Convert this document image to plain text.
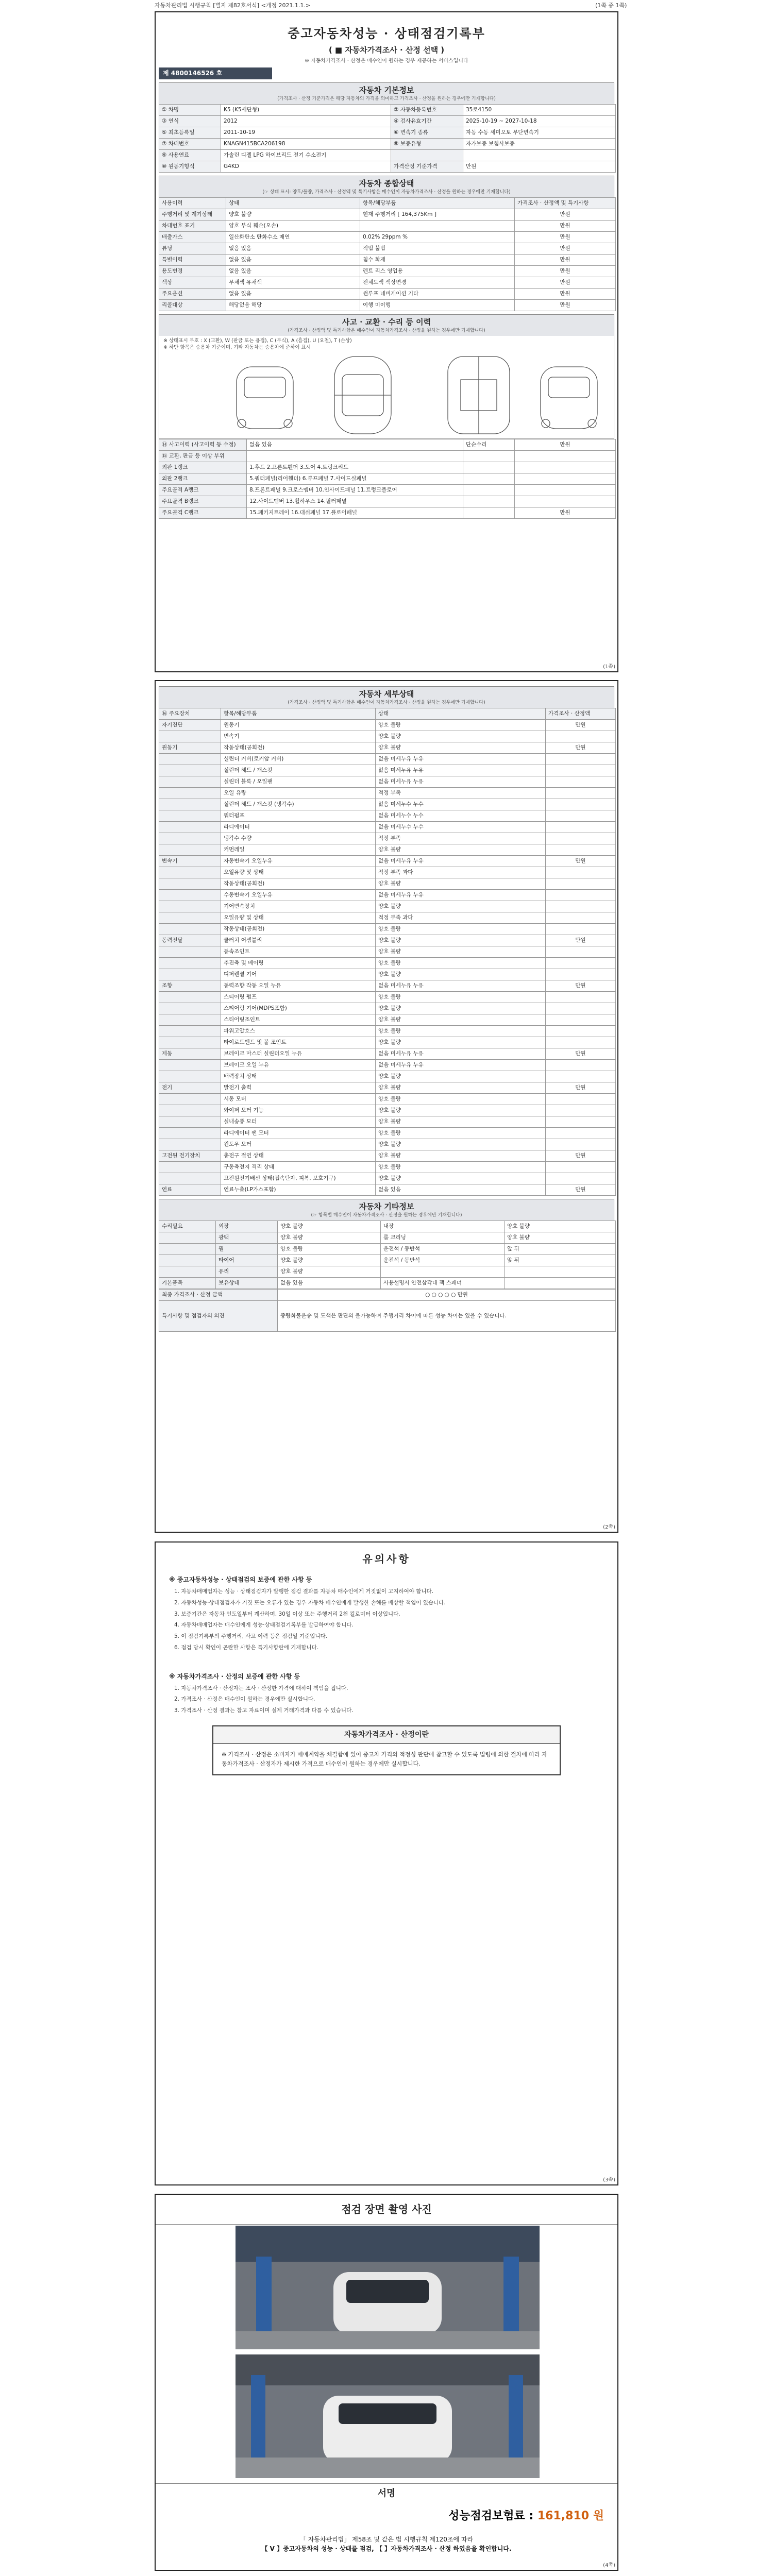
자동차관리법 시행규칙 [별지 제82호서식] <개정 2021.1.1.>	(1쪽 중 1쪽)
중고자동차성능 · 상태점검기록부
( ■ 자동차가격조사 · 산정 선택 )
※ 자동차가격조사 · 산정은 매수인이 원하는 경우 제공하는 서비스입니다
제 4800146526 호
자동차 기본정보
(가격조사 · 산정 기준가격은 해당 자동차의 가격을 의미하고 가격조사 · 산정을 원하는 경우에만 기재합니다)
① 차명	K5 (K5세단형)	② 자동차등록번호	35로4150
③ 연식	2012	④ 검사유효기간	2025-10-19 ~ 2027-10-18
⑤ 최초등록일	2011-10-19	⑥ 변속기 종류	자동 수동 세미오토 무단변속기
⑦ 차대번호	KNAGN415BCA206198	⑧ 보증유형	자가보증 보험사보증
⑨ 사용연료	가솔린 디젤 LPG 하이브리드 전기 수소전기		
⑩ 원동기형식	G4KD	가격산정 기준가격	만원
자동차 종합상태
(☞ 상태 표시: 양호/불량, 가격조사 · 산정액 및 특기사항은 매수인이 자동차가격조사 · 산정을 원하는 경우에만 기재합니다)
사용이력	상태	항목/해당부품	가격조사 · 산정액 및 특기사항
주행거리 및 계기상태	양호 불량	현재 주행거리 [ 164,375Km ]	만원
차대번호 표기	양호 부식 훼손(오손)		만원
배출가스	일산화탄소 탄화수소 매연	0.02% 29ppm %	만원
튜닝	없음 있음	적법 불법	만원
특별이력	없음 있음	침수 화재	만원
용도변경	없음 있음	렌트 리스 영업용	만원
색상	무채색 유채색	전체도색 색상변경	만원
주요옵션	없음 있음	썬루프 네비게이션 기타	만원
리콜대상	해당없음 해당	이행 미이행	만원
사고 · 교환 · 수리 등 이력
(가격조사 · 산정액 및 특기사항은 매수인이 자동차가격조사 · 산정을 원하는 경우에만 기재합니다)
※ 상태표시 부호 : X (교환), W (판금 또는 용접), C (부식), A (흠집), U (요철), T (손상)
※ 하단 항목은 승용차 기준이며, 기타 자동차는 승용차에 준하여 표시
⑭ 사고이력 (사고이력 등 수정)	없음 있음	단순수리	만원
⑮ 교환, 판금 등 이상 부위			
외판 1랭크	1.후드 2.프론트휀더 3.도어 4.트렁크리드		
외판 2랭크	5.쿼터패널(리어휀더) 6.루프패널 7.사이드실패널		
주요골격 A랭크	8.프론트패널 9.크로스멤버 10.인사이드패널 11.트렁크플로어		
주요골격 B랭크	12.사이드멤버 13.휠하우스 14.필러패널		
주요골격 C랭크	15.패키지트레이 16.대쉬패널 17.플로어패널		만원
(1쪽)
자동차 세부상태
(가격조사 · 산정액 및 특기사항은 매수인이 자동차가격조사 · 산정을 원하는 경우에만 기재합니다)
⑯ 주요장치	항목/해당부품	상태	가격조사 · 산정액
자기진단	원동기	양호 불량	만원
	변속기	양호 불량	
원동기	작동상태(공회전)	양호 불량	만원
	실린더 커버(로커암 커버)	없음 미세누유 누유	
	실린더 헤드 / 개스킷	없음 미세누유 누유	
	실린더 블록 / 오일팬	없음 미세누유 누유	
	오일 유량	적정 부족	
	실린더 헤드 / 개스킷 (냉각수)	없음 미세누수 누수	
	워터펌프	없음 미세누수 누수	
	라디에이터	없음 미세누수 누수	
	냉각수 수량	적정 부족	
	커먼레일	양호 불량	
변속기	자동변속기 오일누유	없음 미세누유 누유	만원
	오일유량 및 상태	적정 부족 과다	
	작동상태(공회전)	양호 불량	
	수동변속기 오일누유	없음 미세누유 누유	
	기어변속장치	양호 불량	
	오일유량 및 상태	적정 부족 과다	
	작동상태(공회전)	양호 불량	
동력전달	클러치 어셈블리	양호 불량	만원
	등속조인트	양호 불량	
	추진축 및 베어링	양호 불량	
	디퍼렌셜 기어	양호 불량	
조향	동력조향 작동 오일 누유	없음 미세누유 누유	만원
	스티어링 펌프	양호 불량	
	스티어링 기어(MDPS포함)	양호 불량	
	스티어링조인트	양호 불량	
	파워고압호스	양호 불량	
	타이로드엔드 및 볼 조인트	양호 불량	
제동	브레이크 마스터 실린더오일 누유	없음 미세누유 누유	만원
	브레이크 오일 누유	없음 미세누유 누유	
	배력장치 상태	양호 불량	
전기	발전기 출력	양호 불량	만원
	시동 모터	양호 불량	
	와이퍼 모터 기능	양호 불량	
	실내송풍 모터	양호 불량	
	라디에이터 팬 모터	양호 불량	
	윈도우 모터	양호 불량	
고전원 전기장치	충전구 절연 상태	양호 불량	만원
	구동축전지 격리 상태	양호 불량	
	고전원전기배선 상태(접속단자, 피복, 보호기구)	양호 불량	
연료	연료누출(LP가스포함)	없음 있음	만원
자동차 기타정보
(☞ 항목별 매수인이 자동차가격조사 · 산정을 원하는 경우에만 기재합니다)
수리필요	외장	양호 불량	내장	양호 불량
	광택	양호 불량	룸 크리닝	양호 불량
	휠	양호 불량	운전석 / 동반석	앞 뒤
	타이어	양호 불량	운전석 / 동반석	앞 뒤
	유리	양호 불량		
기본품목	보유상태	없음 있음	사용설명서 안전삼각대 잭 스패너	
최종 가격조사 · 산정 금액	○ ○ ○ ○ ○ 만원
특기사항 및 점검자의 의견	중량화물운송 및 도색은 판단의 불가능하며 주행거리 차이에 따른 성능 차이는 있을 수 있습니다.
(2쪽)
유의사항
※ 중고자동차성능 · 상태점검의 보증에 관한 사항 등
1. 자동차매매업자는 성능 · 상태점검자가 발행한 점검 결과를 자동차 매수인에게 거짓없이 고지하여야 합니다.
2. 자동차성능·상태점검자가 거짓 또는 오류가 있는 경우 자동차 매수인에게 발생한 손해를 배상할 책임이 있습니다.
3. 보증기간은 자동차 인도일부터 계산하며, 30일 이상 또는 주행거리 2천 킬로미터 이상입니다.
4. 자동차매매업자는 매수인에게 성능·상태점검기록부를 발급하여야 합니다.
5. 이 점검기록부의 주행거리, 사고 이력 등은 점검일 기준입니다.
6. 점검 당시 확인이 곤란한 사항은 특기사항란에 기재합니다.
※ 자동차가격조사 · 산정의 보증에 관한 사항 등
1. 자동차가격조사 · 산정자는 조사 · 산정한 가격에 대하여 책임을 집니다.
2. 가격조사 · 산정은 매수인이 원하는 경우에만 실시합니다.
3. 가격조사 · 산정 결과는 참고 자료이며 실제 거래가격과 다를 수 있습니다.
자동차가격조사 · 산정이란
※ 가격조사 · 산정은 소비자가 매매계약을 체결함에 있어 중고차 가격의 적정성 판단에 참고할 수 있도록 법령에 의한 절차에 따라 자동차가격조사 · 산정자가 제시한 가격으로 매수인이 원하는 경우에만 실시합니다.
(3쪽)
점검 장면 촬영 사진
서명
성능점검보험료 : 161,810 원
「 자동차관리법」 제58조 및 같은 법 시행규칙 제120조에 따라
【 V 】중고자동차의 성능 · 상태를 점검, 【 】자동차가격조사 · 산정 하였음을 확인합니다.
(4쪽)
